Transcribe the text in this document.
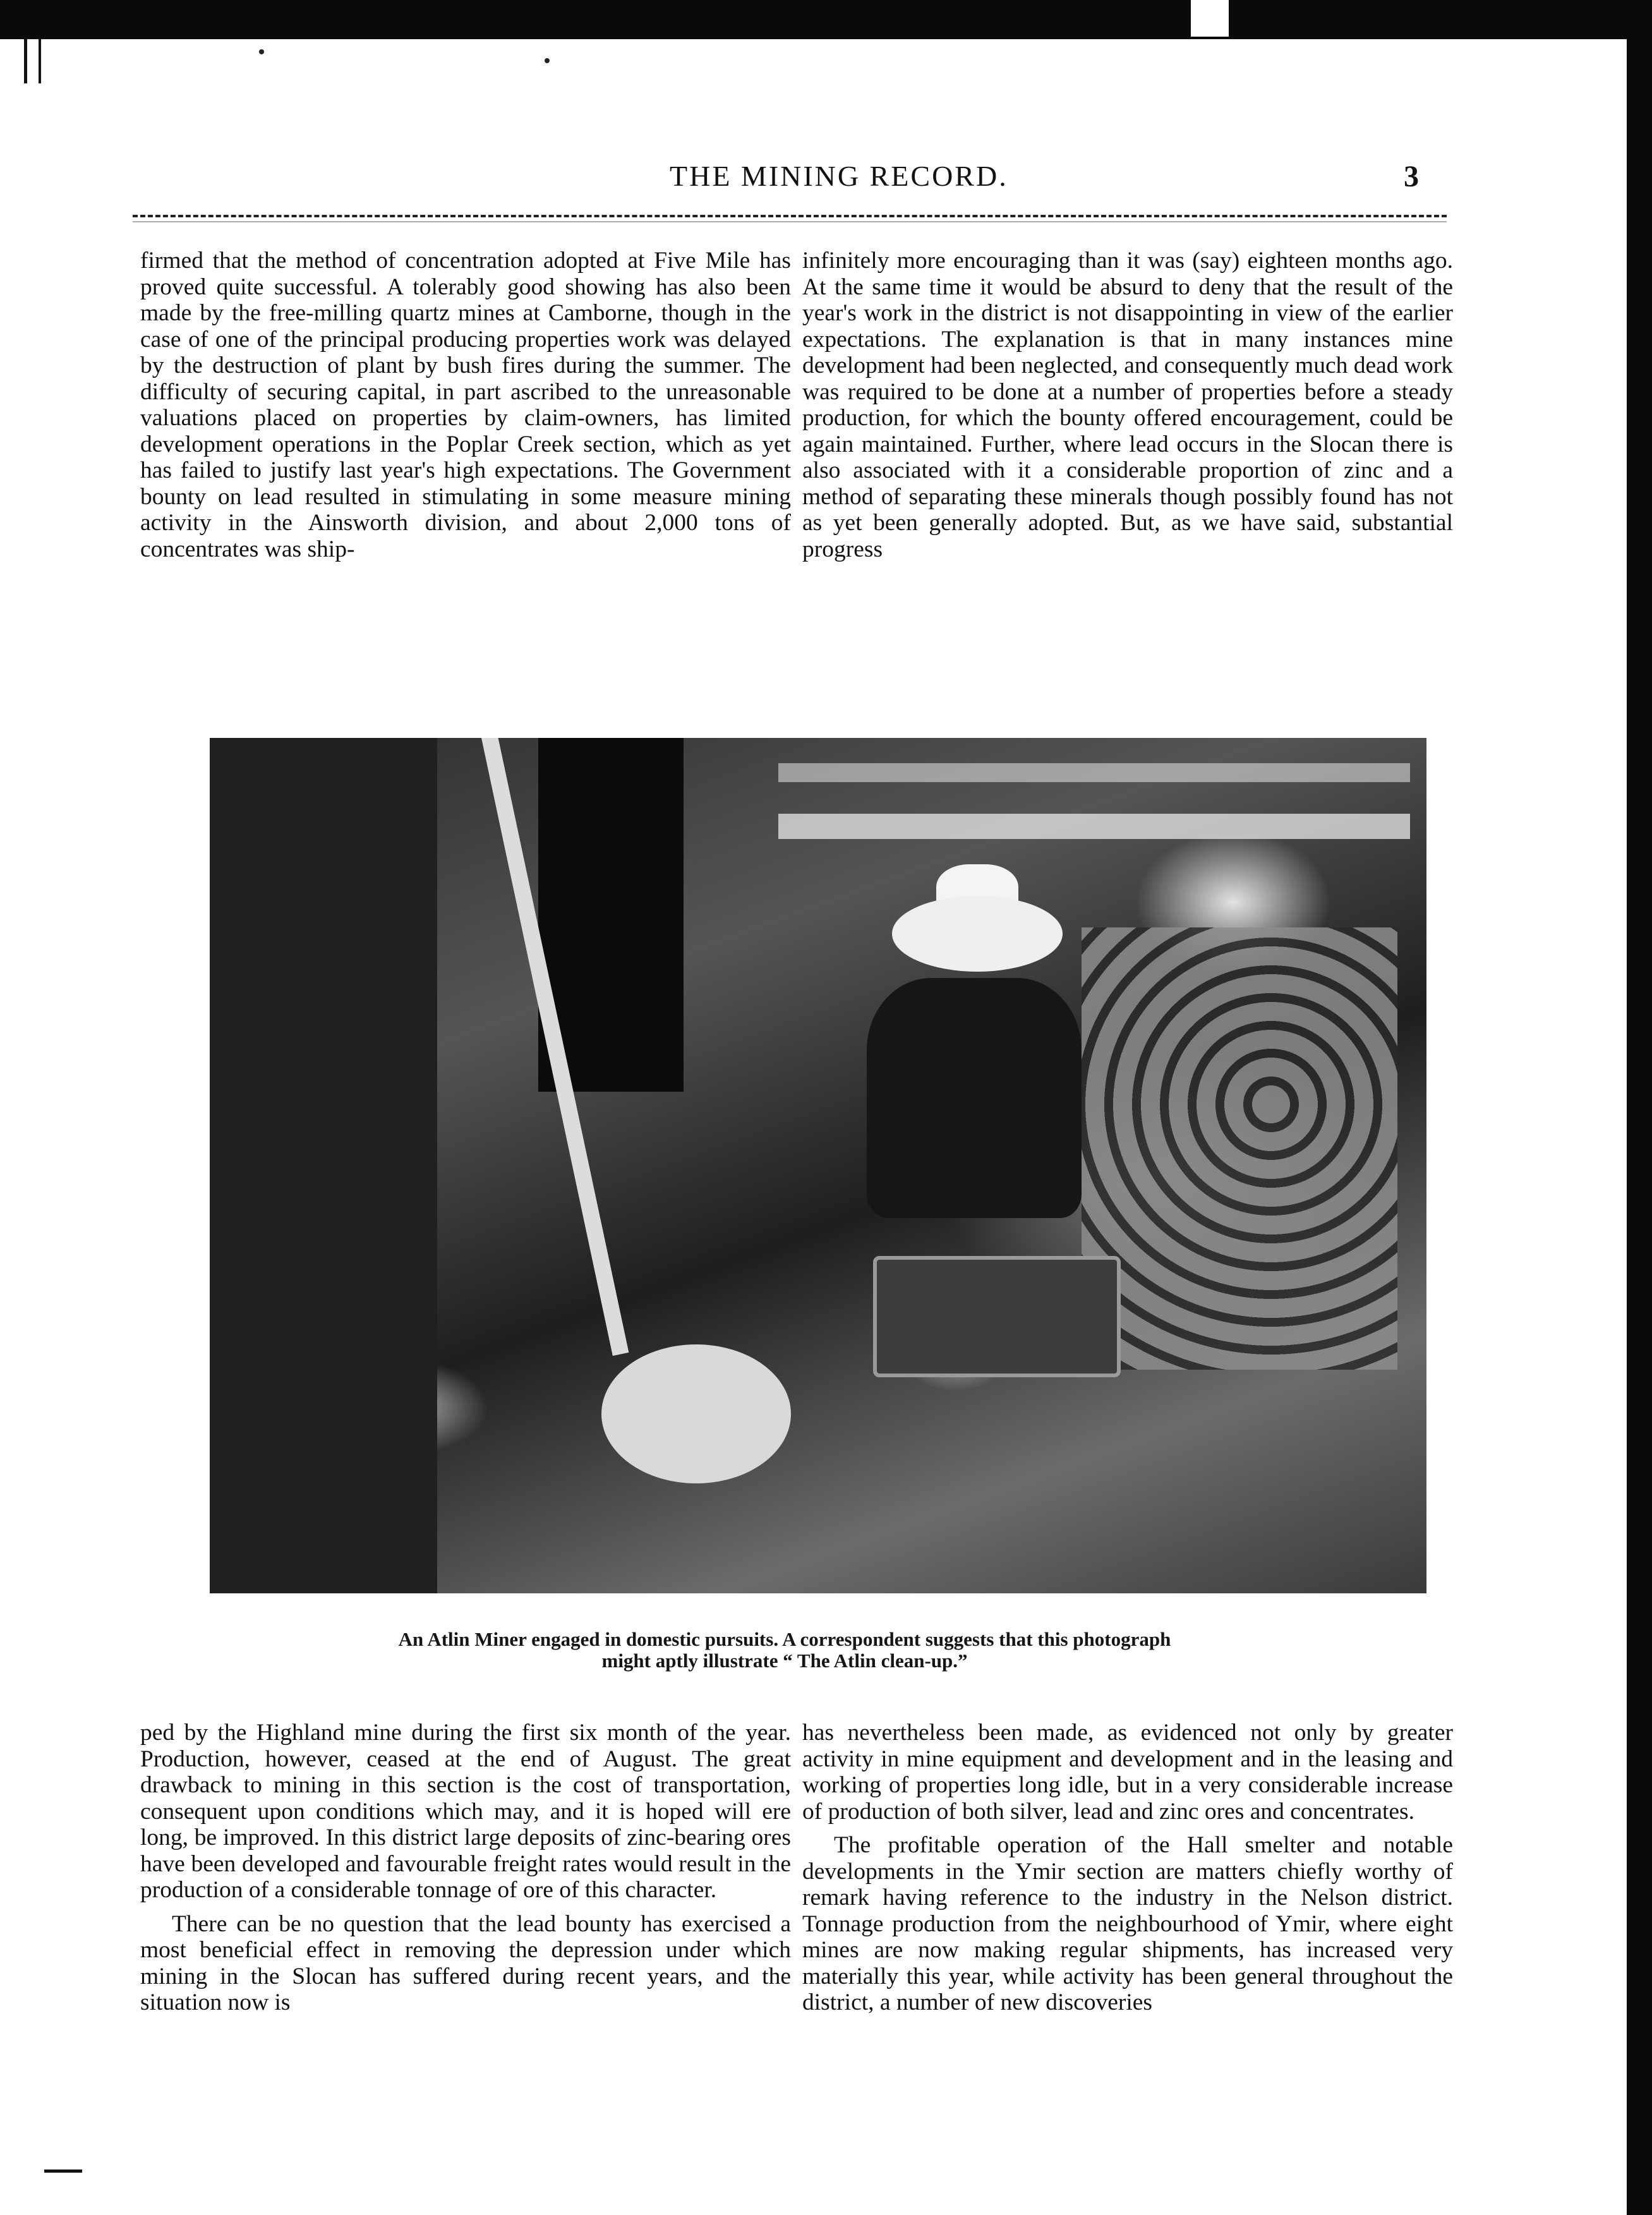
THE MINING RECORD.	3

firmed that the method of concentration adopted at Five Mile has proved quite successful. A tolerably good showing has also been made by the free-milling quartz mines at Camborne, though in the case of one of the principal producing properties work was delayed by the destruction of plant by bush fires during the summer. The difficulty of securing capital, in part ascribed to the unreasonable valuations placed on properties by claim-owners, has limited development operations in the Poplar Creek section, which as yet has failed to justify last year's high expectations. The Government bounty on lead resulted in stimulating in some measure mining activity in the Ainsworth division, and about 2,000 tons of concentrates was ship-

infinitely more encouraging than it was (say) eighteen months ago. At the same time it would be absurd to deny that the result of the year's work in the district is not disappointing in view of the earlier expectations. The explanation is that in many instances mine development had been neglected, and consequently much dead work was required to be done at a number of properties before a steady production, for which the bounty offered encouragement, could be again maintained. Further, where lead occurs in the Slocan there is also associated with it a considerable proportion of zinc and a method of separating these minerals though possibly found has not as yet been generally adopted. But, as we have said, substantial progress

An Atlin Miner engaged in domestic pursuits. A correspondent suggests that this photograph
might aptly illustrate “ The Atlin clean-up.”

ped by the Highland mine during the first six month of the year. Production, however, ceased at the end of August. The great drawback to mining in this section is the cost of transportation, consequent upon conditions which may, and it is hoped will ere long, be improved. In this district large deposits of zinc-bearing ores have been developed and favourable freight rates would result in the production of a considerable tonnage of ore of this character.

There can be no question that the lead bounty has exercised a most beneficial effect in removing the depression under which mining in the Slocan has suffered during recent years, and the situation now is

has nevertheless been made, as evidenced not only by greater activity in mine equipment and development and in the leasing and working of properties long idle, but in a very considerable increase of production of both silver, lead and zinc ores and concentrates.

The profitable operation of the Hall smelter and notable developments in the Ymir section are matters chiefly worthy of remark having reference to the industry in the Nelson district. Tonnage production from the neighbourhood of Ymir, where eight mines are now making regular shipments, has increased very materially this year, while activity has been general throughout the district, a number of new discoveries
